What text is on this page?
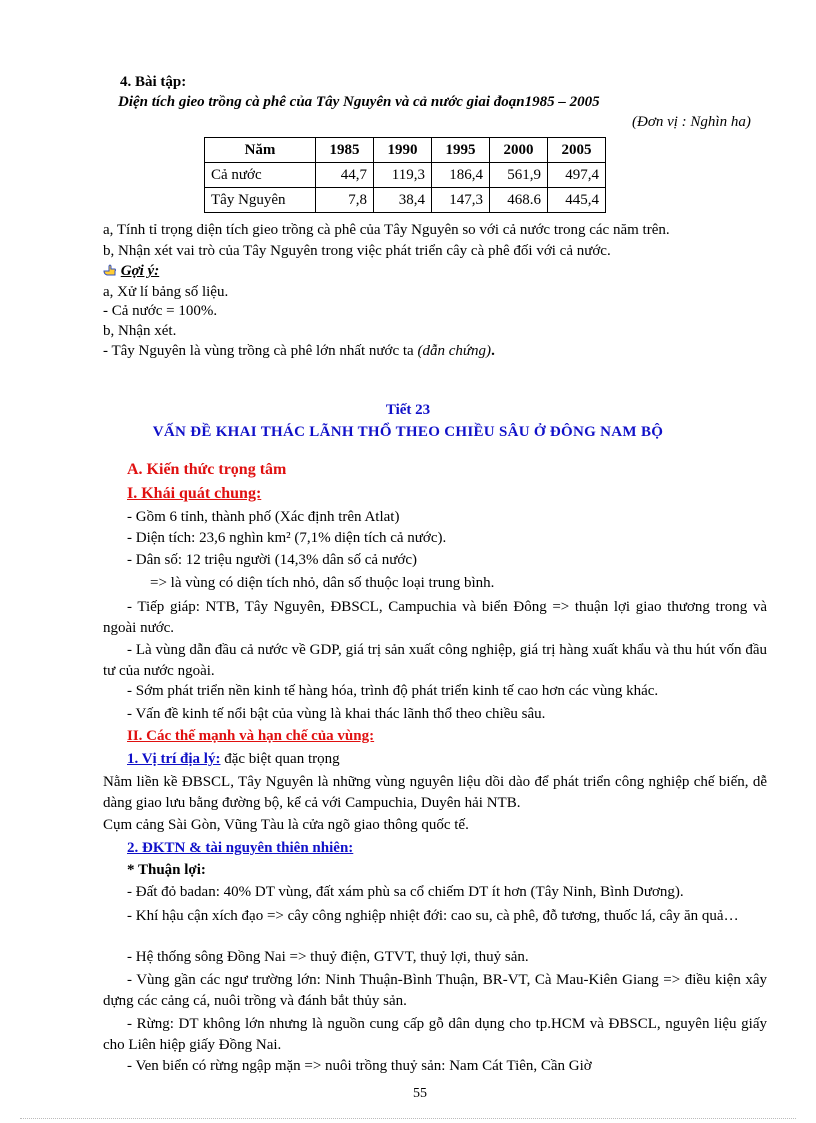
4. Bài tập:
Diện tích gieo trồng cà phê của Tây Nguyên và cả nước giai đoạn1985 – 2005
(Đơn vị : Nghìn ha)
Năm	1985	1990	1995	2000	2005
Cả nước	44,7	119,3	186,4	561,9	497,4
Tây Nguyên	7,8	38,4	147,3	468.6	445,4
a, Tính tỉ trọng diện tích gieo trồng cà phê của Tây Nguyên so với cả nước trong các năm trên.
b, Nhận xét vai trò của Tây Nguyên trong việc phát triển cây cà phê đối với cả nước.
Gợi ý:
a, Xử lí bảng số liệu.
- Cả nước = 100%.
b, Nhận xét.
- Tây Nguyên là vùng trồng cà phê lớn nhất nước ta (dẫn chứng).
Tiết 23
VẤN ĐỀ KHAI THÁC LÃNH THỔ THEO CHIỀU SÂU Ở ĐÔNG NAM BỘ
A. Kiến thức trọng tâm
I. Khái quát chung:
- Gồm 6 tỉnh, thành phố (Xác định trên Atlat)
- Diện tích: 23,6 nghìn km² (7,1% diện tích cả nước).
- Dân số: 12 triệu người (14,3% dân số cả nước)
=> là vùng có diện tích nhỏ, dân số thuộc loại trung bình.
- Tiếp giáp: NTB, Tây Nguyên, ĐBSCL, Campuchia và biển Đông => thuận lợi giao thương trong và ngoài nước.
- Là vùng dẫn đầu cả nước về GDP, giá trị sản xuất công nghiệp, giá trị hàng xuất khẩu và thu hút vốn đầu tư của nước ngoài.
- Sớm phát triển nền kinh tế hàng hóa, trình độ phát triển kinh tế cao hơn các vùng khác.
- Vấn đề kinh tế nổi bật của vùng là khai thác lãnh thổ theo chiều sâu.
II. Các thế mạnh và hạn chế của vùng:
1. Vị trí địa lý: đặc biệt quan trọng
Nằm liền kề ĐBSCL, Tây Nguyên là những vùng nguyên liệu dồi dào để phát triển công nghiệp chế biến, dễ dàng giao lưu bằng đường bộ, kể cả với Campuchia, Duyên hải NTB.
Cụm cảng Sài Gòn, Vũng Tàu là cửa ngõ giao thông quốc tế.
2. ĐKTN & tài nguyên thiên nhiên:
* Thuận lợi:
- Đất đỏ badan: 40% DT vùng, đất xám phù sa cổ chiếm DT ít hơn (Tây Ninh, Bình Dương).
- Khí hậu cận xích đạo => cây công nghiệp nhiệt đới: cao su, cà phê, đỗ tương, thuốc lá, cây ăn quả…
- Hệ thống sông Đồng Nai => thuỷ điện, GTVT, thuỷ lợi, thuỷ sản.
- Vùng gần các ngư trường lớn: Ninh Thuận-Bình Thuận, BR-VT, Cà Mau-Kiên Giang => điều kiện xây dựng các cảng cá, nuôi trồng và đánh bắt thủy sản.
- Rừng: DT không lớn nhưng là nguồn cung cấp gỗ dân dụng cho tp.HCM và ĐBSCL, nguyên liệu giấy cho Liên hiệp giấy Đồng Nai.
- Ven biển có rừng ngập mặn => nuôi trồng thuỷ sản: Nam Cát Tiên, Cần Giờ
55
